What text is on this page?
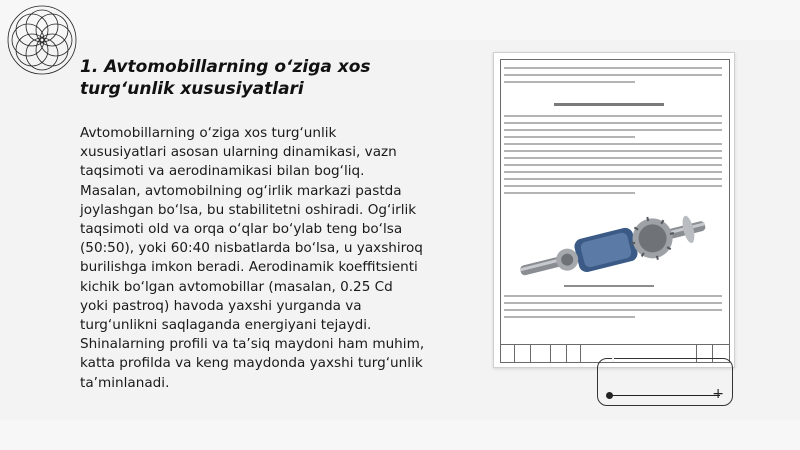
1. Avtomobillarning o‘ziga xos turg‘unlik xususiyatlari

Avtomobillarning o‘ziga xos turg‘unlik xususiyatlari asosan ularning dinamikasi, vazn taqsimoti va aerodinamikasi bilan bog‘liq. Masalan, avtomobilning og‘irlik markazi pastda joylashgan bo‘lsa, bu stabilitetni oshiradi. Og‘irlik taqsimoti old va orqa o‘qlar bo‘ylab teng bo‘lsa (50:50), yoki 60:40 nisbatlarda bo‘lsa, u yaxshiroq burilishga imkon beradi. Aerodinamik koeffitsienti kichik bo‘lgan avtomobillar (masalan, 0.25 Cd yoki pastroq) havoda yaxshi yurganda va turg‘unlikni saqlaganda energiyani tejaydi. Shinalarning profili va ta’siq maydoni ham muhim, katta profilda va keng maydonda yaxshi turg‘unlik ta’minlanadi.

+
